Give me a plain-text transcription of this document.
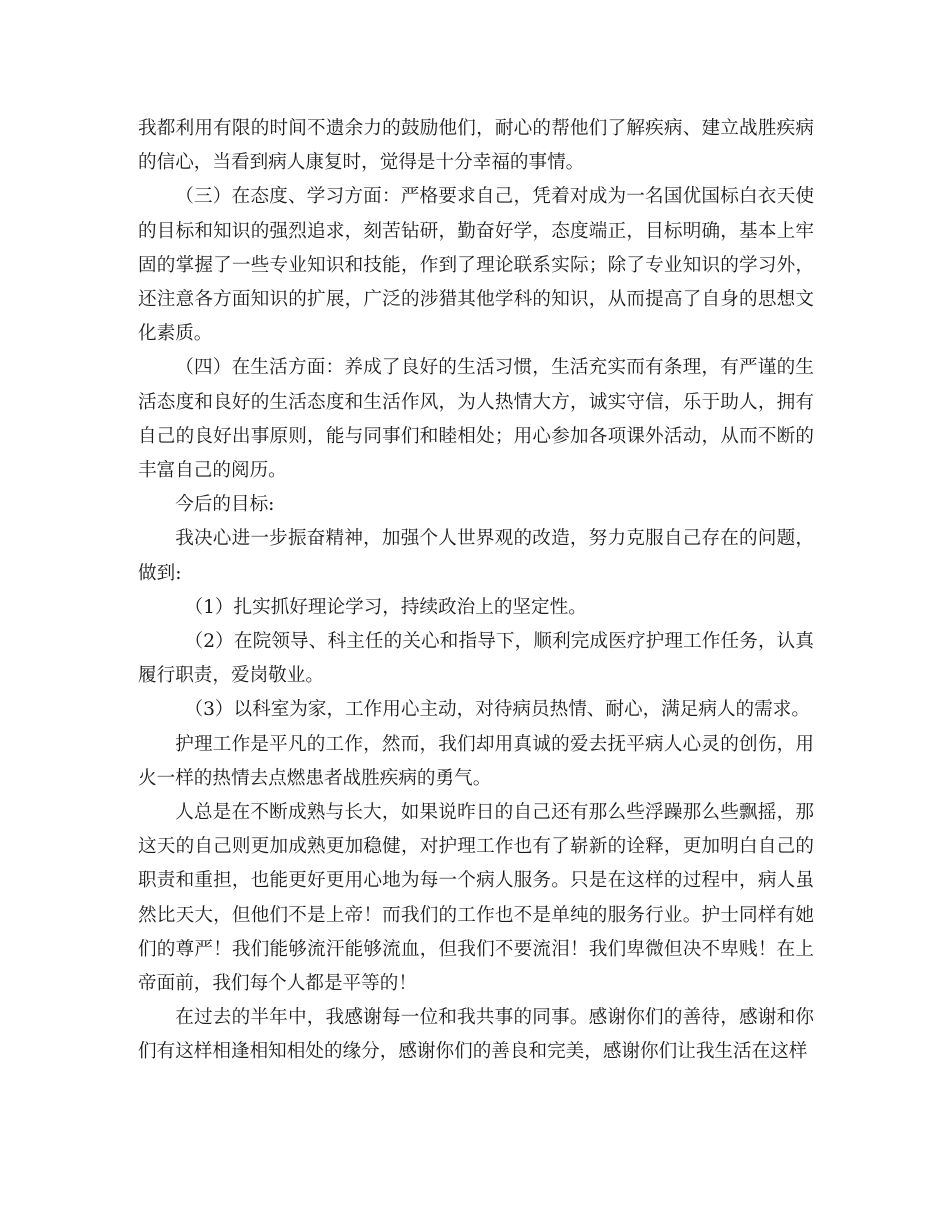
我都利用有限的时间不遗余力的鼓励他们，耐心的帮他们了解疾病、建立战胜疾病的信心，当看到病人康复时，觉得是十分幸福的事情。

（三）在态度、学习方面：严格要求自己，凭着对成为一名国优国标白衣天使的目标和知识的强烈追求，刻苦钻研，勤奋好学，态度端正，目标明确，基本上牢固的掌握了一些专业知识和技能，作到了理论联系实际；除了专业知识的学习外，还注意各方面知识的扩展，广泛的涉猎其他学科的知识，从而提高了自身的思想文化素质。

（四）在生活方面：养成了良好的生活习惯，生活充实而有条理，有严谨的生活态度和良好的生活态度和生活作风，为人热情大方，诚实守信，乐于助人，拥有自己的良好出事原则，能与同事们和睦相处；用心参加各项课外活动，从而不断的丰富自己的阅历。

今后的目标:

我决心进一步振奋精神，加强个人世界观的改造，努力克服自己存在的问题，做到:

（1）扎实抓好理论学习，持续政治上的坚定性。

（2）在院领导、科主任的关心和指导下，顺利完成医疗护理工作任务，认真履行职责，爱岗敬业。

（3）以科室为家，工作用心主动，对待病员热情、耐心，满足病人的需求。

护理工作是平凡的工作，然而，我们却用真诚的爱去抚平病人心灵的创伤，用火一样的热情去点燃患者战胜疾病的勇气。

人总是在不断成熟与长大，如果说昨日的自己还有那么些浮躁那么些飘摇，那这天的自己则更加成熟更加稳健，对护理工作也有了崭新的诠释，更加明白自己的职责和重担，也能更好更用心地为每一个病人服务。只是在这样的过程中，病人虽然比天大，但他们不是上帝！而我们的工作也不是单纯的服务行业。护士同样有她们的尊严！我们能够流汗能够流血，但我们不要流泪！我们卑微但决不卑贱！在上帝面前，我们每个人都是平等的！

在过去的半年中，我感谢每一位和我共事的同事。感谢你们的善待，感谢和你们有这样相逢相知相处的缘分，感谢你们的善良和完美，感谢你们让我生活在这样
